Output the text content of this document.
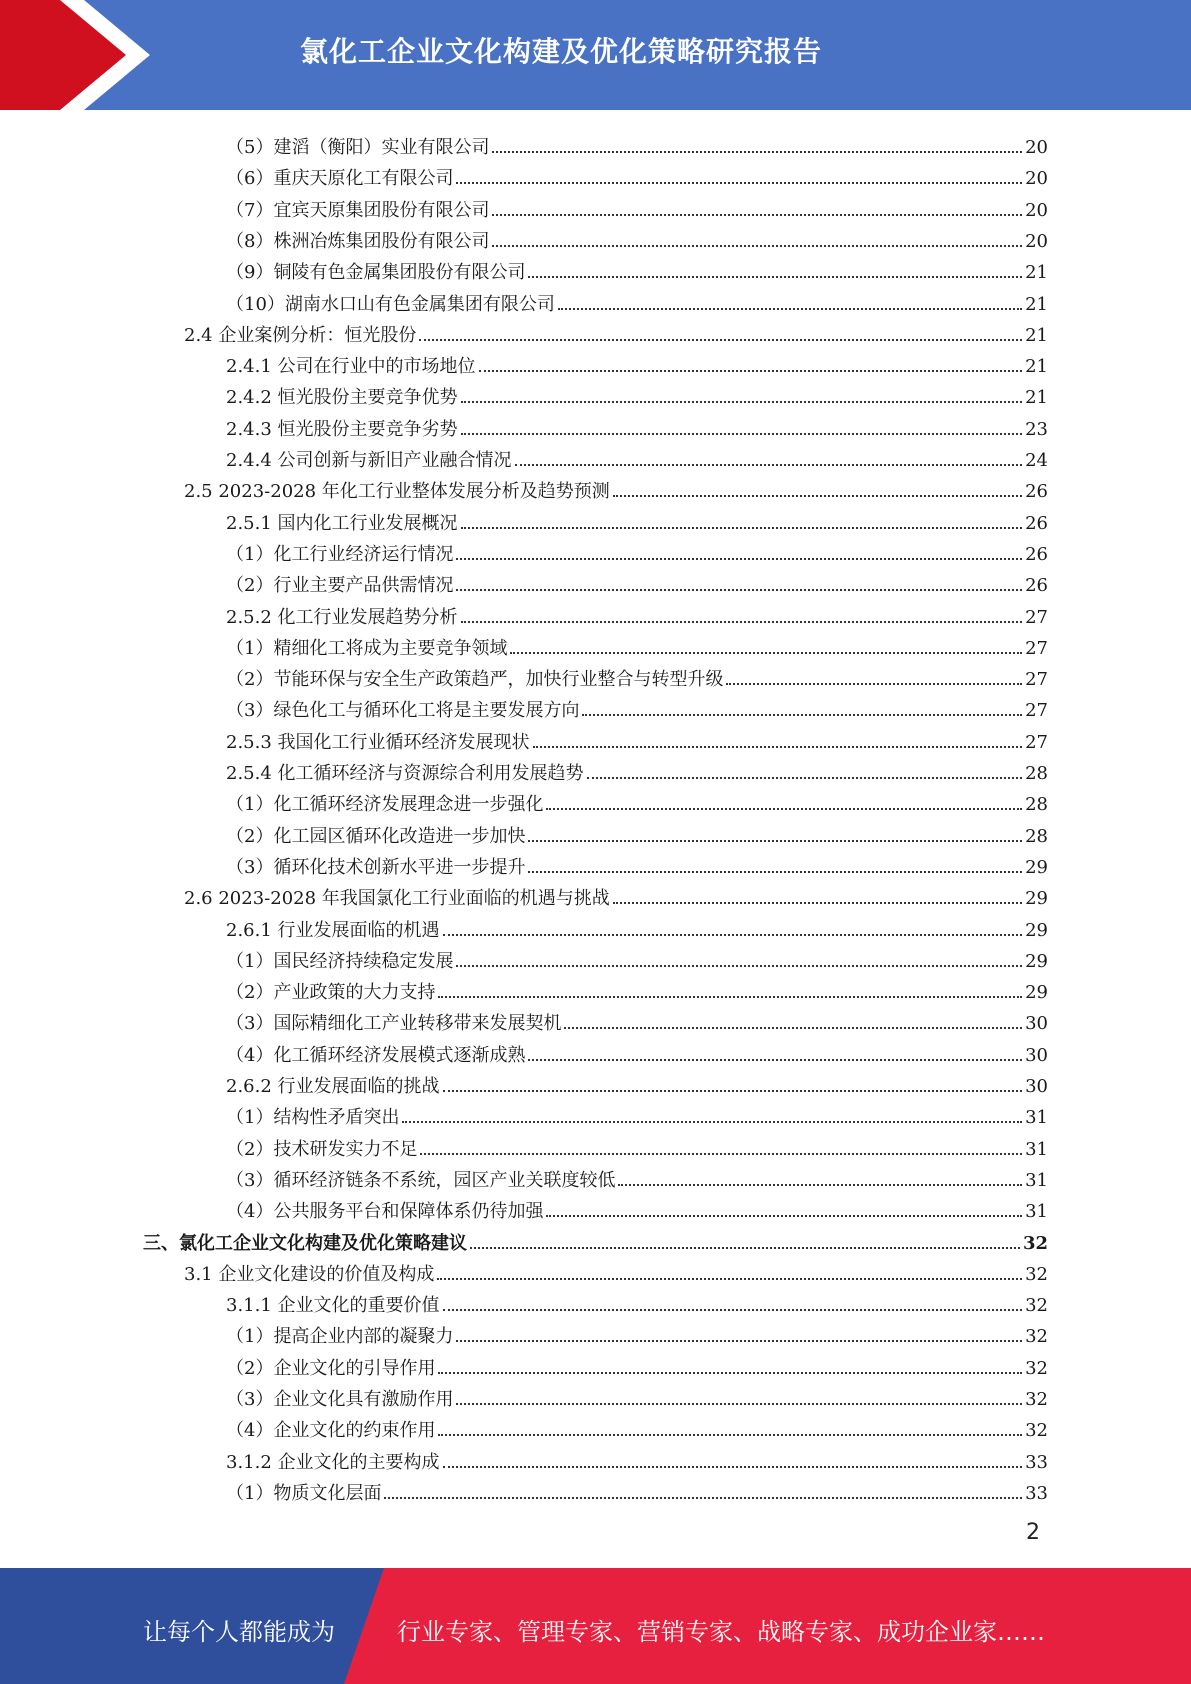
氯化工企业文化构建及优化策略研究报告
（5）建滔（衡阳）实业有限公司	20
（6）重庆天原化工有限公司	20
（7）宜宾天原集团股份有限公司	20
（8）株洲冶炼集团股份有限公司	20
（9）铜陵有色金属集团股份有限公司	21
（10）湖南水口山有色金属集团有限公司	21
2.4 企业案例分析：恒光股份	21
2.4.1 公司在行业中的市场地位	21
2.4.2 恒光股份主要竞争优势	21
2.4.3 恒光股份主要竞争劣势	23
2.4.4 公司创新与新旧产业融合情况	24
2.5 2023-2028 年化工行业整体发展分析及趋势预测	26
2.5.1 国内化工行业发展概况	26
（1）化工行业经济运行情况	26
（2）行业主要产品供需情况	26
2.5.2 化工行业发展趋势分析	27
（1）精细化工将成为主要竞争领域	27
（2）节能环保与安全生产政策趋严，加快行业整合与转型升级	27
（3）绿色化工与循环化工将是主要发展方向	27
2.5.3 我国化工行业循环经济发展现状	27
2.5.4 化工循环经济与资源综合利用发展趋势	28
（1）化工循环经济发展理念进一步强化	28
（2）化工园区循环化改造进一步加快	28
（3）循环化技术创新水平进一步提升	29
2.6 2023-2028 年我国氯化工行业面临的机遇与挑战	29
2.6.1 行业发展面临的机遇	29
（1）国民经济持续稳定发展	29
（2）产业政策的大力支持	29
（3）国际精细化工产业转移带来发展契机	30
（4）化工循环经济发展模式逐渐成熟	30
2.6.2 行业发展面临的挑战	30
（1）结构性矛盾突出	31
（2）技术研发实力不足	31
（3）循环经济链条不系统，园区产业关联度较低	31
（4）公共服务平台和保障体系仍待加强	31
三、氯化工企业文化构建及优化策略建议	32
3.1 企业文化建设的价值及构成	32
3.1.1 企业文化的重要价值	32
（1）提高企业内部的凝聚力	32
（2）企业文化的引导作用	32
（3）企业文化具有激励作用	32
（4）企业文化的约束作用	32
3.1.2 企业文化的主要构成	33
（1）物质文化层面	33
2
让每个人都能成为	行业专家、管理专家、营销专家、战略专家、成功企业家……
